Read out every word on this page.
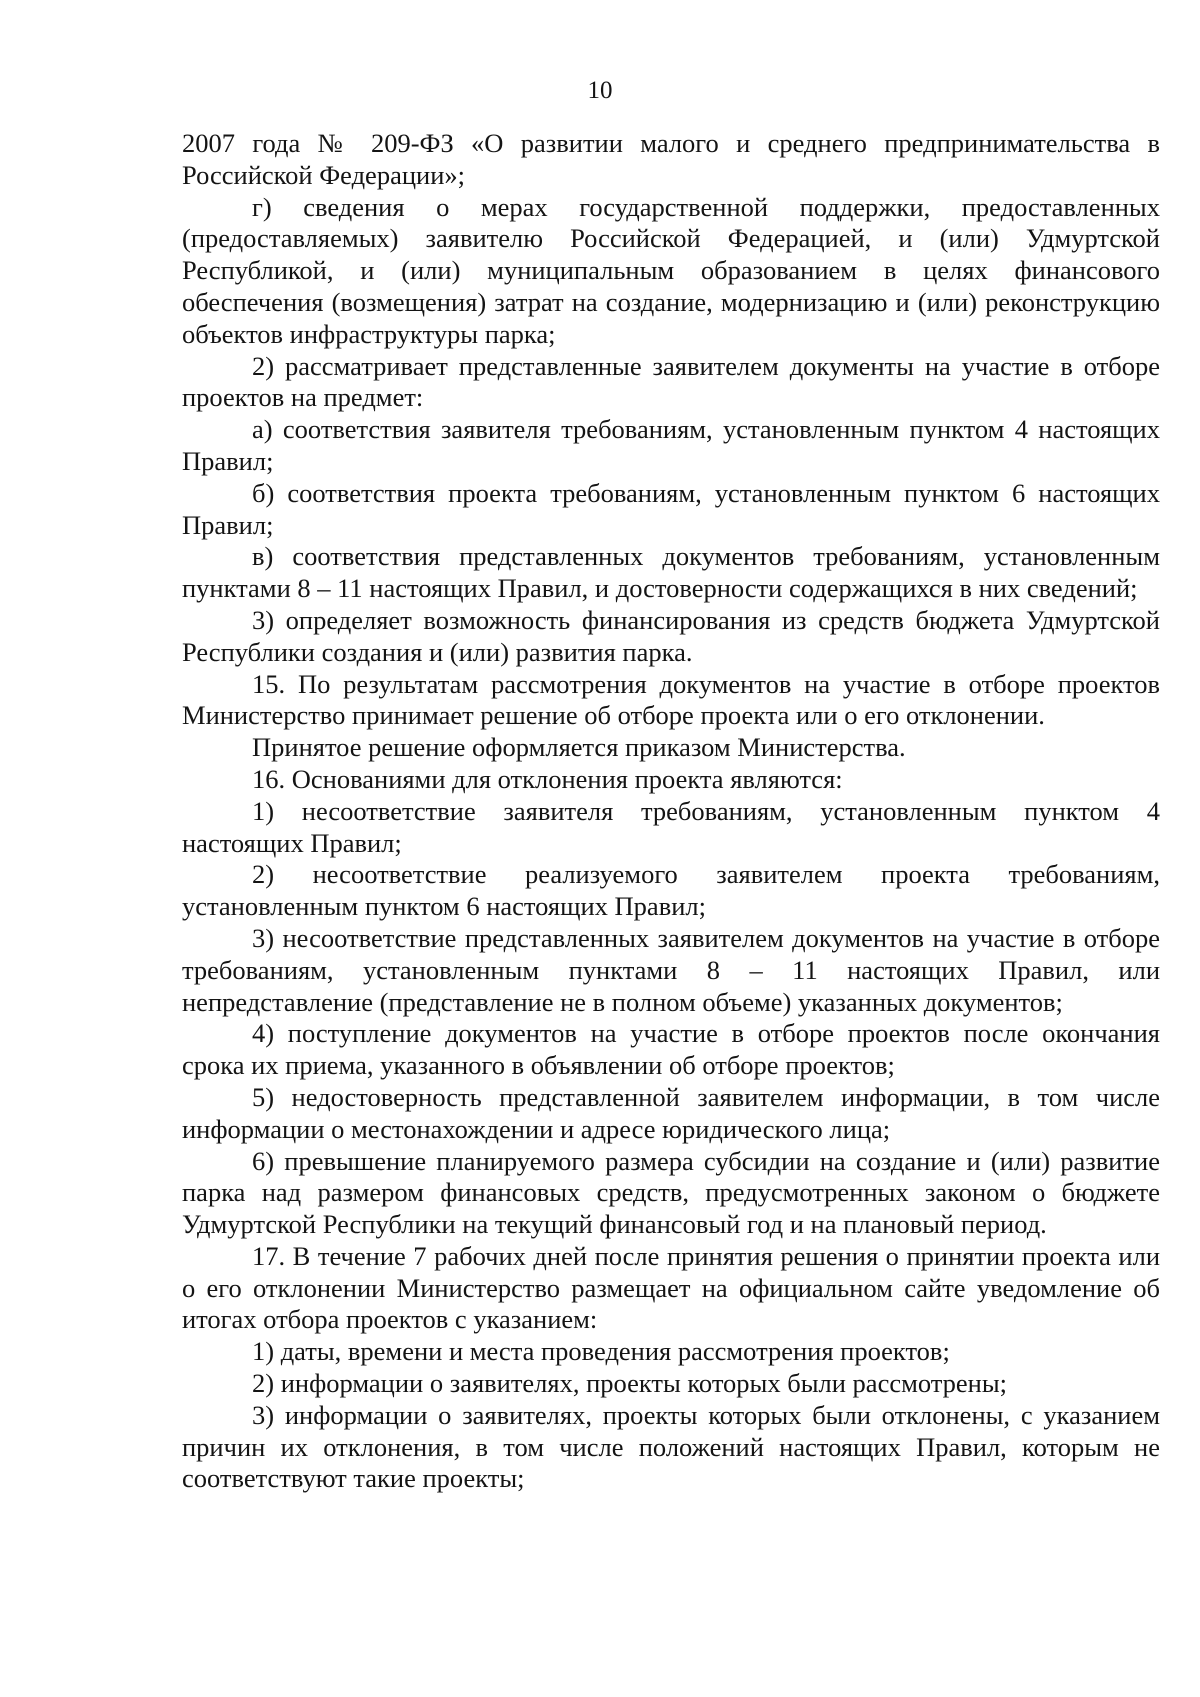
10

2007 года № 209-ФЗ «О развитии малого и среднего предпринимательства в Российской Федерации»;

г) сведения о мерах государственной поддержки, предоставленных (предоставляемых) заявителю Российской Федерацией, и (или) Удмуртской Республикой, и (или) муниципальным образованием в целях финансового обеспечения (возмещения) затрат на создание, модернизацию и (или) реконструкцию объектов инфраструктуры парка;

2) рассматривает представленные заявителем документы на участие в отборе проектов на предмет:

а) соответствия заявителя требованиям, установленным пунктом 4 настоящих Правил;

б) соответствия проекта требованиям, установленным пунктом 6 настоящих Правил;

в) соответствия представленных документов требованиям, установленным пунктами 8 – 11 настоящих Правил, и достоверности содержащихся в них сведений;

3) определяет возможность финансирования из средств бюджета Удмуртской Республики создания и (или) развития парка.

15. По результатам рассмотрения документов на участие в отборе проектов Министерство принимает решение об отборе проекта или о его отклонении.

Принятое решение оформляется приказом Министерства.

16. Основаниями для отклонения проекта являются:

1) несоответствие заявителя требованиям, установленным пунктом 4 настоящих Правил;

2) несоответствие реализуемого заявителем проекта требованиям, установленным пунктом 6 настоящих Правил;

3) несоответствие представленных заявителем документов на участие в отборе требованиям, установленным пунктами 8 – 11 настоящих Правил, или непредставление (представление не в полном объеме) указанных документов;

4) поступление документов на участие в отборе проектов после окончания срока их приема, указанного в объявлении об отборе проектов;

5) недостоверность представленной заявителем информации, в том числе информации о местонахождении и адресе юридического лица;

6) превышение планируемого размера субсидии на создание и (или) развитие парка над размером финансовых средств, предусмотренных законом о бюджете Удмуртской Республики на текущий финансовый год и на плановый период.

17. В течение 7 рабочих дней после принятия решения о принятии проекта или о его отклонении Министерство размещает на официальном сайте уведомление об итогах отбора проектов с указанием:

1) даты, времени и места проведения рассмотрения проектов;

2) информации о заявителях, проекты которых были рассмотрены;

3) информации о заявителях, проекты которых были отклонены, с указанием причин их отклонения, в том числе положений настоящих Правил, которым не соответствуют такие проекты;
